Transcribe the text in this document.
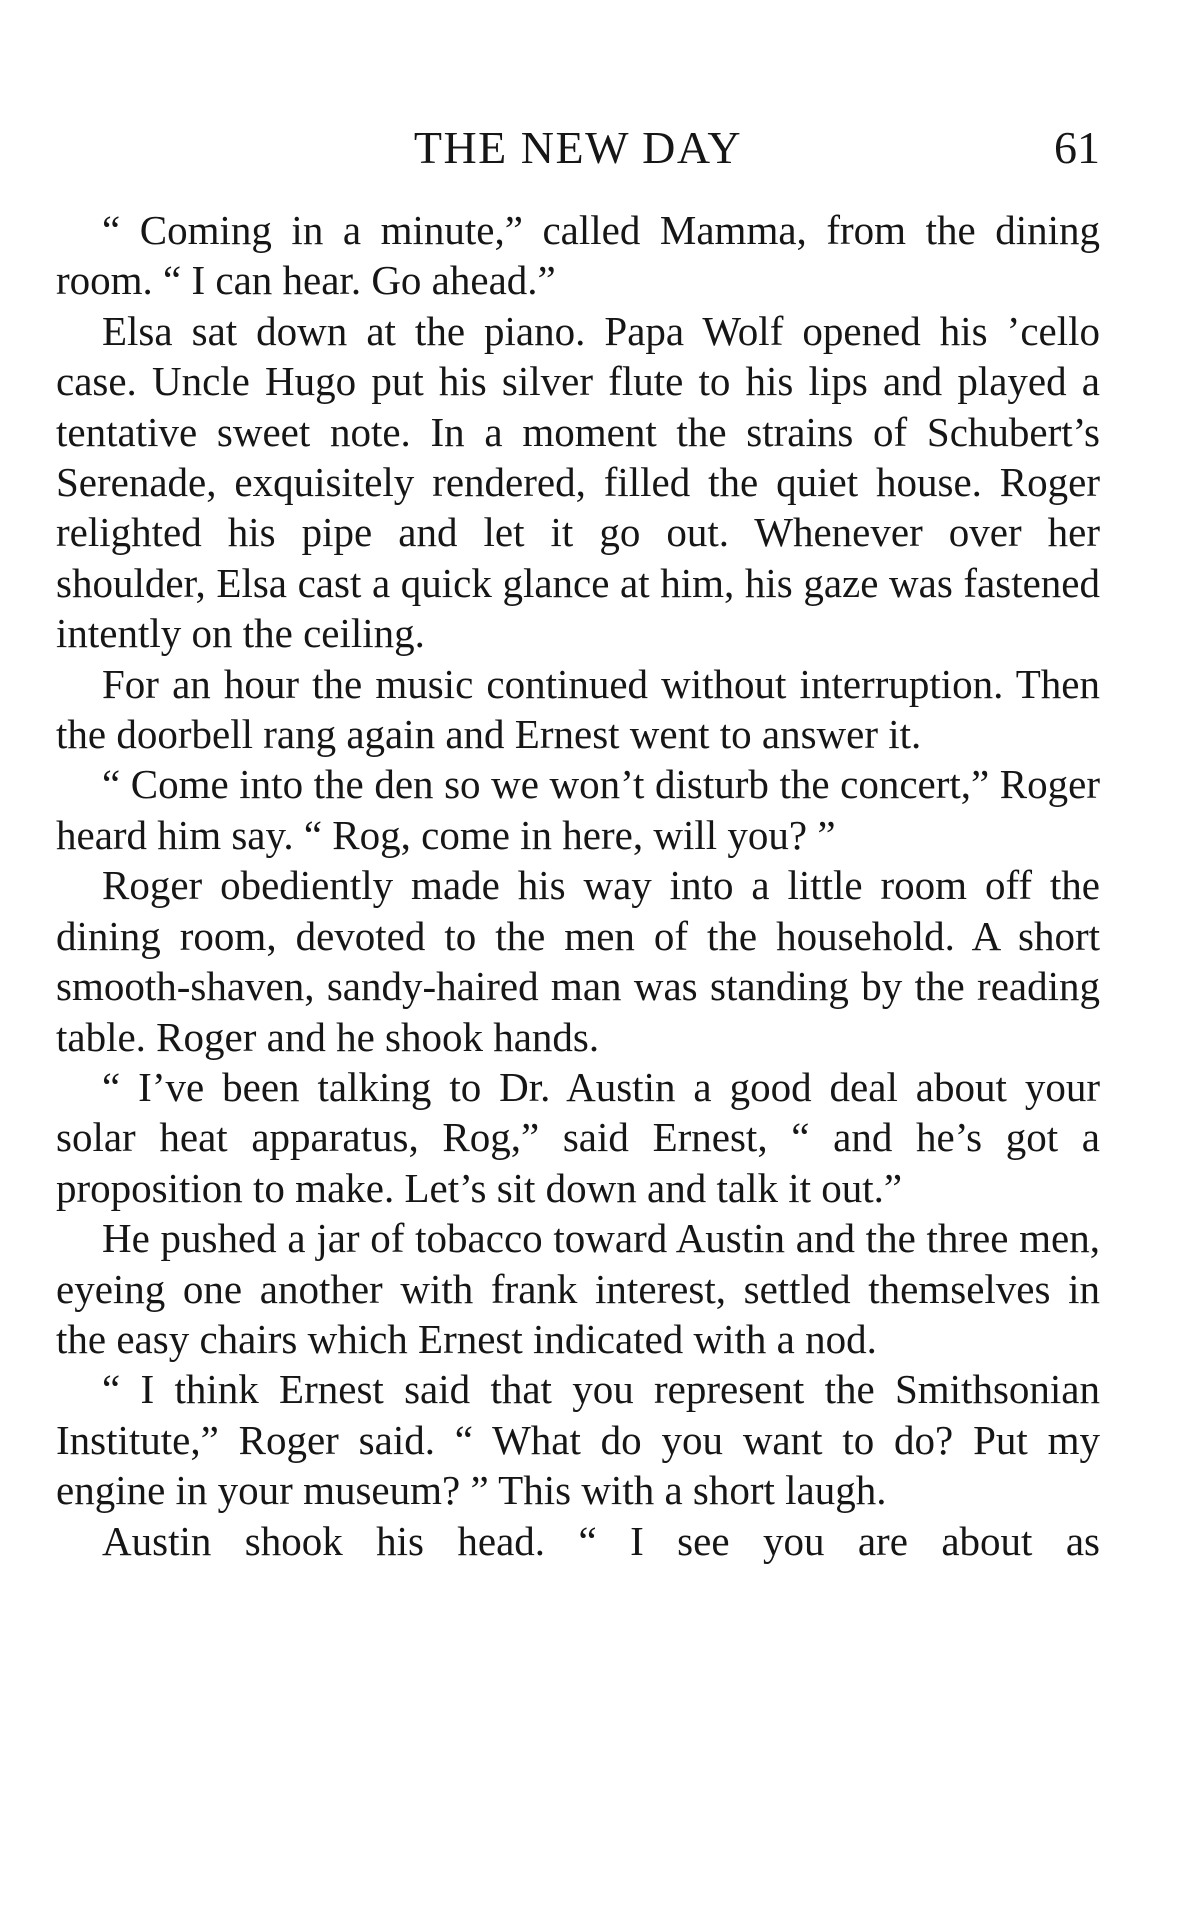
THE NEW DAY	61

“ Coming in a minute,” called Mamma, from the dining room. “ I can hear. Go ahead.”

Elsa sat down at the piano. Papa Wolf opened his ’cello case. Uncle Hugo put his silver flute to his lips and played a tentative sweet note. In a moment the strains of Schubert’s Serenade, exquisitely rendered, filled the quiet house. Roger relighted his pipe and let it go out. Whenever over her shoulder, Elsa cast a quick glance at him, his gaze was fastened intently on the ceiling.

For an hour the music continued without interruption. Then the doorbell rang again and Ernest went to answer it.

“ Come into the den so we won’t disturb the concert,” Roger heard him say. “ Rog, come in here, will you? ”

Roger obediently made his way into a little room off the dining room, devoted to the men of the household. A short smooth-shaven, sandy-haired man was standing by the reading table. Roger and he shook hands.

“ I’ve been talking to Dr. Austin a good deal about your solar heat apparatus, Rog,” said Ernest, “ and he’s got a proposition to make. Let’s sit down and talk it out.”

He pushed a jar of tobacco toward Austin and the three men, eyeing one another with frank interest, settled themselves in the easy chairs which Ernest indicated with a nod.

“ I think Ernest said that you represent the Smithsonian Institute,” Roger said. “ What do you want to do? Put my engine in your museum? ” This with a short laugh.

Austin shook his head. “ I see you are about as
